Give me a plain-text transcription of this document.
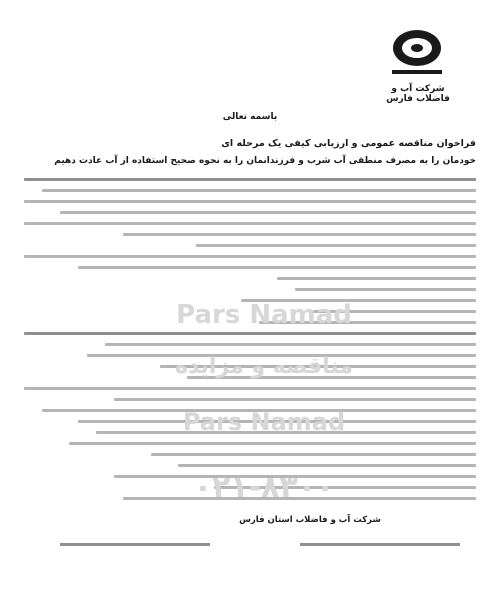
شرکت آب و فاضلاب فارس
باسمه تعالی
فراخوان مناقصه عمومی و ارزیابی کیفی یک مرحله ای
خودمان را به مصرف منطقی آب شرب و فرزندانمان را به نحوه صحیح استفاده از آب عادت دهیم
Pars Namad
مناقصه و مزایده
Pars Namad
۰۲۱-۸۳۰۰
شرکت آب و فاضلاب استان فارس
